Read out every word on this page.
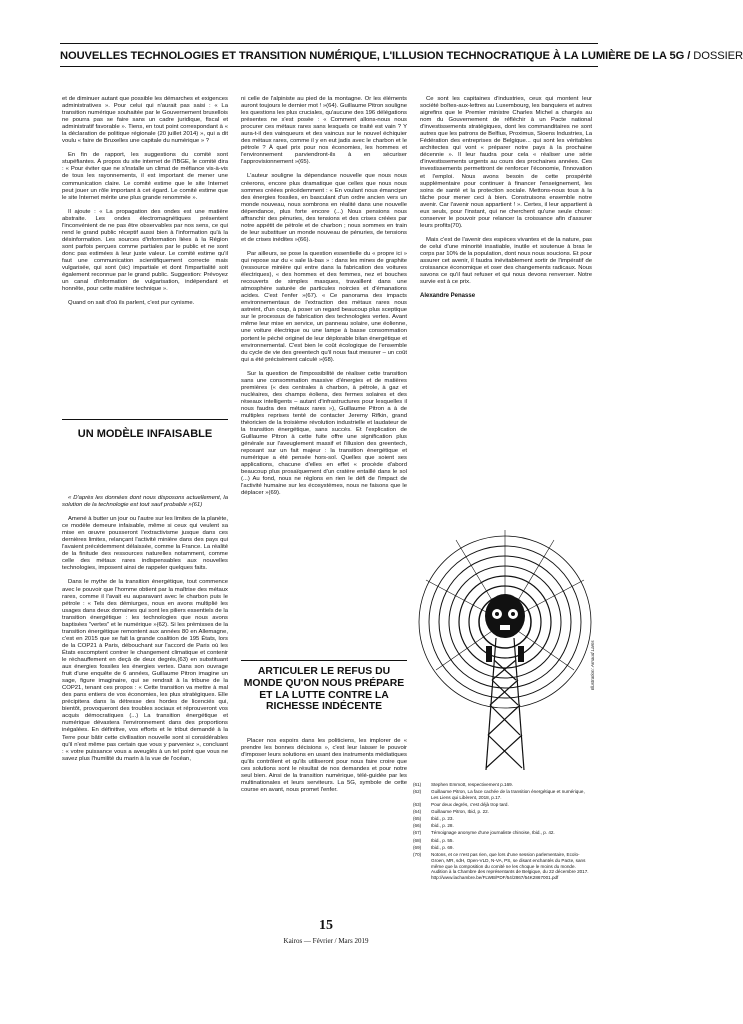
NOUVELLES TECHNOLOGIES ET TRANSITION NUMÉRIQUE, L'ILLUSION TECHNOCRATIQUE À LA LUMIÈRE DE LA 5G / DOSSIER

et de diminuer autant que possible les démarches et exigences administratives ». Pour celui qui n'aurait pas saisi : « La transition numérique souhaitée par le Gouvernement bruxellois ne pourra pas se faire sans un cadre juridique, fiscal et administratif favorable ». Tiens, en tout point correspondant à « la déclaration de politique régionale (20 juillet 2014) », qui a dit voulu « faire de Bruxelles une capitale du numérique » ?

En fin de rapport, les suggestions du comité sont stupéfiantes. À propos du site internet de l'IBGE, le comité dira : « Pour éviter que ne s'installe un climat de méfiance vis-à-vis de tous les rayonnements, il est important de mener une communication claire. Le comité estime que le site Internet peut jouer un rôle important à cet égard. Le comité estime que le site Internet mérite une plus grande renommée ».

Il ajoute : « La propagation des ondes est une matière abstraite. Les ondes électromagnétiques présentent l'inconvénient de ne pas être observables par nos sens, ce qui rend le grand public réceptif aussi bien à l'information qu'à la désinformation. Les sources d'information liées à la Région sont parfois perçues comme partiales par le public et ne sont donc pas estimées à leur juste valeur. Le comité estime qu'il faut une communication scientifiquement correcte mais vulgarisée, qui sont (sic) impartiale et dont l'impartialité soit également reconnue par le grand public. Suggestion: Prévoyez un canal d'information de vulgarisation, indépendant et honnête, pour cette matière technique ».

Quand on sait d'où ils parlent, c'est pur cynisme.

UN MODÈLE INFAISABLE

« D'après les données dont nous disposons actuellement, la solution de la technologie est tout sauf probable »(61)

Amené à butter un jour ou l'autre sur les limites de la planète, ce modèle demeure infaisable, même si ceux qui veulent sa mise en œuvre pousseront l'extractivisme jusque dans ces dernières limites, relançant l'activité minière dans des pays qui l'avaient précédemment délaissée, comme la France. La réalité de la finitude des ressources naturelles notamment, comme celle des métaux rares indispensables aux nouvelles technologies, imposent ainsi de rappeler quelques faits.

Dans le mythe de la transition énergétique, tout commence avec le pouvoir que l'homme obtient par la maîtrise des métaux rares, comme il l'avait eu auparavant avec le charbon puis le pétrole : « Tels des démiurges, nous en avons multiplié les usages dans deux domaines qui sont les piliers essentiels de la transition énergétique : les technologies que nous avons baptisées "vertes" et le numérique »(62). Si les prémisses de la transition énergétique remontent aux années 80 en Allemagne, c'est en 2015 que se fait la grande coalition de 195 États, lors de la COP21 à Paris, débouchant sur l'accord de Paris où les États escomptent contrer le changement climatique et contenir le réchauffement en deçà de deux degrés,(63) en substituant aux énergies fossiles les énergies vertes. Dans son ouvrage fruit d'une enquête de 6 années, Guillaume Pitron imagine un sage, figure imaginaire, qui se rendrait à la tribune de la COP21, tenant ces propos : « Cette transition va mettre à mal des pans entiers de vos économies, les plus stratégiques. Elle précipitera dans la détresse des hordes de licenciés qui, bientôt, provoqueront des troubles sociaux et réprouveront vos acquis démocratiques (...) La transition énergétique et numérique dévastera l'environnement dans des proportions inégalées. En définitive, vos efforts et le tribut demandé à la Terre pour bâtir cette civilisation nouvelle sont si considérables qu'il n'est même pas certain que vous y parveniez », concluant : « votre puissance vous a aveuglés à un tel point que vous ne savez plus l'humilité du marin à la vue de l'océan,

ni celle de l'alpiniste au pied de la montagne. Or les éléments auront toujours le dernier mot ! »(64). Guillaume Pitron souligne les questions les plus cruciales, qu'aucune des 196 délégations présentes ne s'est posée : « Comment allons-nous nous procurer ces métaux rares sans lesquels ce traité est vain ? Y aura-t-il des vainqueurs et des vaincus sur le nouvel échiquier des métaux rares, comme il y en eut jadis avec le charbon et le pétrole ? À quel prix pour nos économies, les hommes et l'environnement parviendront-ils à en sécuriser l'approvisionnement »(65).

L'auteur souligne la dépendance nouvelle que nous nous créerons, encore plus dramatique que celles que nous nous sommes créées précédemment : « En voulant nous émanciper des énergies fossiles, en basculant d'un ordre ancien vers un monde nouveau, nous sombrons en réalité dans une nouvelle dépendance, plus forte encore (...) Nous pensions nous affranchir des pénuries, des tensions et des crises créées par notre appétit de pétrole et de charbon ; nous sommes en train de leur substituer un monde nouveau de pénuries, de tensions et de crises inédites »(66).

Par ailleurs, se pose la question essentielle du « propre ici » qui repose sur du « sale là-bas » : dans les mines de graphite (ressource minière qui entre dans la fabrication des voitures électriques), « des hommes et des femmes, nez et bouches recouverts de simples masques, travaillent dans une atmosphère saturée de particules noircies et d'émanations acides. C'est l'enfer »(67). « Ce panorama des impacts environnementaux de l'extraction des métaux rares nous astreint, d'un coup, à poser un regard beaucoup plus sceptique sur le processus de fabrication des technologies vertes. Avant même leur mise en service, un panneau solaire, une éolienne, une voiture électrique ou une lampe à basse consommation portent le péché originel de leur déplorable bilan énergétique et environnemental. C'est bien le coût écologique de l'ensemble du cycle de vie des greentech qu'il nous faut mesurer – un coût qui a été précisément calculé »(68).

Sur la question de l'impossibilité de réaliser cette transition sans une consommation massive d'énergies et de matières premières (« des centrales à charbon, à pétrole, à gaz et nucléaires, des champs éoliens, des fermes solaires et des réseaux intelligents – autant d'infrastructures pour lesquelles il nous faudra des métaux rares »), Guillaume Pitron a à de multiples reprises tenté de contacter Jeremy Rifkin, grand théoricien de la troisième révolution industrielle et laudateur de la transition énergétique, sans succès. Et l'explication de Guillaume Pitron à cette fuite offre une signification plus générale sur l'aveuglement massif et l'illusion des greentech, reposant sur un fait majeur : la transition énergétique et numérique a été pensée hors-sol. Quelles que soient ses applications, chacune d'elles en effet « procède d'abord beaucoup plus prosaïquement d'un cratère entaillé dans le sol (...) Au fond, nous ne réglons en rien le défi de l'impact de l'activité humaine sur les écosystèmes, nous ne faisons que le déplacer »(69).

ARTICULER LE REFUS DU MONDE QU'ON NOUS PRÉPARE ET LA LUTTE CONTRE LA RICHESSE INDÉCENTE

Placer nos espoirs dans les politiciens, les implorer de « prendre les bonnes décisions », c'est leur laisser le pouvoir d'imposer leurs solutions en usant des instruments médiatiques qu'ils contrôlent et qu'ils utiliseront pour nous faire croire que ces solutions sont le résultat de nos demandes et pour notre seul bien. Ainsi de la transition numérique, télé-guidée par les multinationales et leurs serviteurs. La 5G, symbole de cette course en avant, nous promet l'enfer.

Ce sont les capitaines d'industries, ceux qui montent leur société boîtes-aux-lettres au Luxembourg, les banquiers et autres aigrefins que le Premier ministre Charles Michel a chargés au nom du Gouvernement de réfléchir à un Pacte national d'investissements stratégiques, dont les commanditaires ne sont autres que les patrons de Belfius, Proximus, Sioens Industries, La Fédération des entreprises de Belgique... qui sont les véritables architectes qui vont « préparer notre pays à la prochaine décennie ». Il leur faudra pour cela « réaliser une série d'investissements urgents au cours des prochaines années. Ces investissements permettront de renforcer l'économie, l'innovation et l'emploi. Nous avons besoin de cette prospérité supplémentaire pour continuer à financer l'enseignement, les soins de santé et la protection sociale. Mettons-nous tous à la tâche pour mener ceci à bien. Construisons ensemble notre avenir. Car l'avenir nous appartient ! ». Certes, il leur appartient à eux seuls, pour l'instant, qui ne cherchent qu'une seule chose: conserver le pouvoir pour relancer la croissance afin d'assurer leurs profits(70).

Mais c'est de l'avenir des espèces vivantes et de la nature, pas de celui d'une minorité insatiable, inutile et soutenue à bras le corps par 10% de la population, dont nous nous soucions. Et pour assurer cet avenir, il faudra inévitablement sortir de l'impératif de croissance économique et oser des changements radicaux. Nous savons ce qu'il faut refuser et qui nous devons renverser. Notre survie est à ce prix.

Alexandre Penasse

Illustration: Arnaud Lams
(61)	Stephen Emmott, respectivement p.169.
(62)	Guillaume Pitron, La face cachée de la transition énergétique et numérique, Les Liens qui Libèrent, 2018, p.17.
(63)	Pour deux degrés, c'est déjà trop tard.
(64)	Guillaume Pitron, Ibid, p. 22.
(65)	Ibid., p. 23.
(66)	Ibid., p. 28.
(67)	Témoignage anonyme d'une journaliste chinoise, Ibid., p. 42.
(68)	Ibid., p. 55.
(69)	Ibid., p. 69.
(70)	Notons, et ce n'est pas rien, que lors d'une session parlementaire, Ecolo-Groen, MR, sdH, Open-VLD, N-VA, PS, se disant enchantés du Pacte, sans même que la composition du comité ne les choque le moins du monde. Audition à la Chambre des représentants de Belgique, du 22 décembre 2017. http://www.lachambre.be/FLWB/PDF/54/2867/54K2867001.pdf
15
Kairos — Février / Mars 2019
